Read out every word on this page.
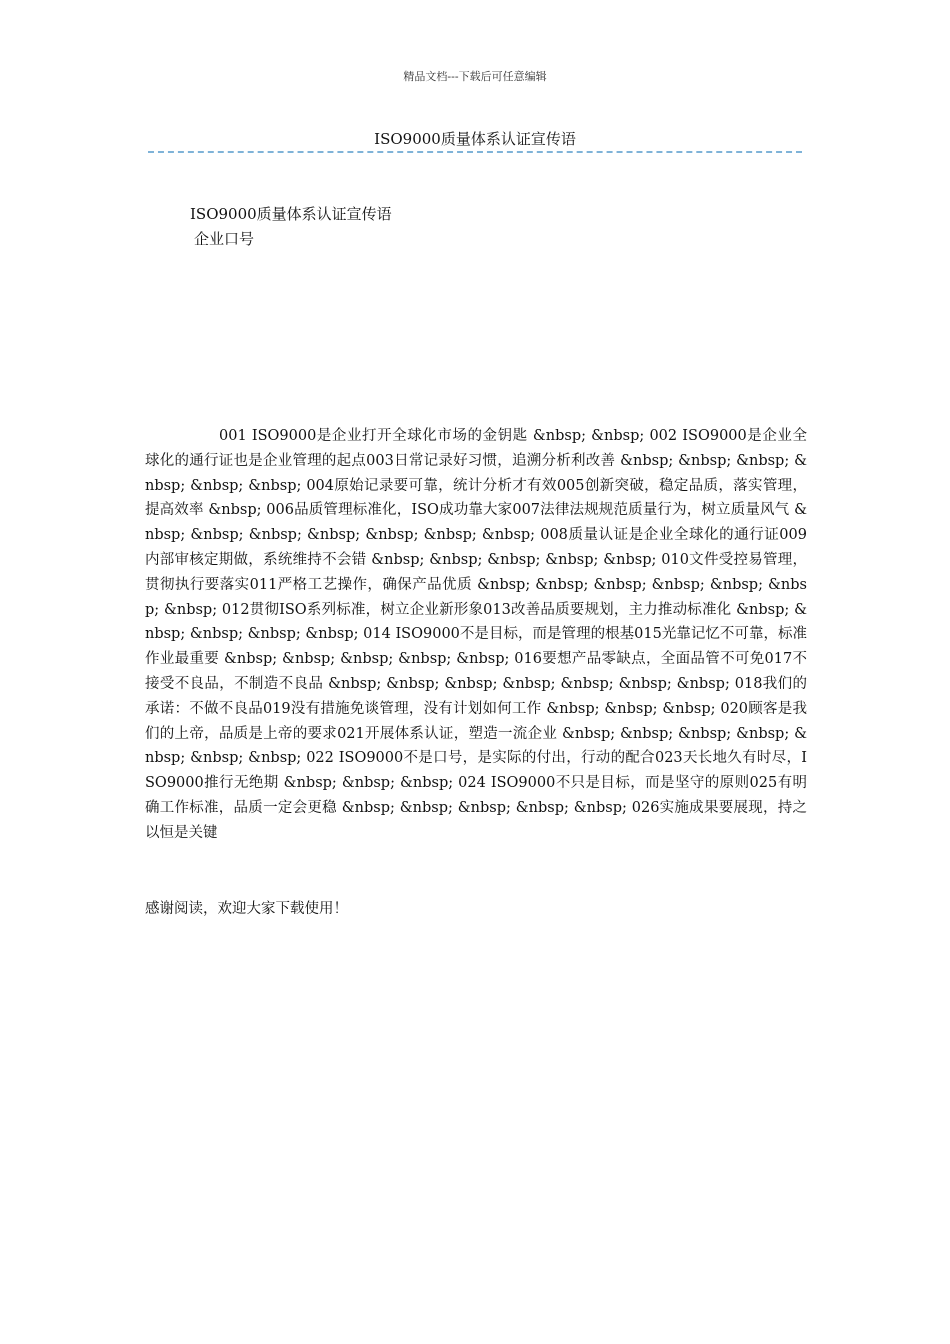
精品文档---下载后可任意编辑
ISO9000质量体系认证宣传语
ISO9000质量体系认证宣传语
企业口号
001 ISO9000是企业打开全球化市场的金钥匙 &nbsp; &nbsp; 002 ISO9000是企业全球化的通行证也是企业管理的起点003日常记录好习惯，追溯分析利改善 &nbsp; &nbsp; &nbsp; &nbsp; &nbsp; &nbsp; 004原始记录要可靠，统计分析才有效005创新突破，稳定品质，落实管理，提高效率 &nbsp; 006品质管理标准化，ISO成功靠大家007法律法规规范质量行为，树立质量风气 &nbsp; &nbsp; &nbsp; &nbsp; &nbsp; &nbsp; &nbsp; 008质量认证是企业全球化的通行证009内部审核定期做，系统维持不会错 &nbsp; &nbsp; &nbsp; &nbsp; &nbsp; 010文件受控易管理，贯彻执行要落实011严格工艺操作，确保产品优质 &nbsp; &nbsp; &nbsp; &nbsp; &nbsp; &nbsp; &nbsp; 012贯彻ISO系列标准，树立企业新形象013改善品质要规划，主力推动标准化 &nbsp; &nbsp; &nbsp; &nbsp; &nbsp; 014 ISO9000不是目标，而是管理的根基015光靠记忆不可靠，标准作业最重要 &nbsp; &nbsp; &nbsp; &nbsp; &nbsp; 016要想产品零缺点，全面品管不可免017不接受不良品，不制造不良品 &nbsp; &nbsp; &nbsp; &nbsp; &nbsp; &nbsp; &nbsp; 018我们的承诺：不做不良品019没有措施免谈管理，没有计划如何工作 &nbsp; &nbsp; &nbsp; 020顾客是我们的上帝，品质是上帝的要求021开展体系认证，塑造一流企业 &nbsp; &nbsp; &nbsp; &nbsp; &nbsp; &nbsp; &nbsp; 022 ISO9000不是口号，是实际的付出，行动的配合023天长地久有时尽，ISO9000推行无绝期 &nbsp; &nbsp; &nbsp; 024 ISO9000不只是目标，而是坚守的原则025有明确工作标准，品质一定会更稳 &nbsp; &nbsp; &nbsp; &nbsp; &nbsp; 026实施成果要展现，持之以恒是关键
感谢阅读，欢迎大家下载使用！
